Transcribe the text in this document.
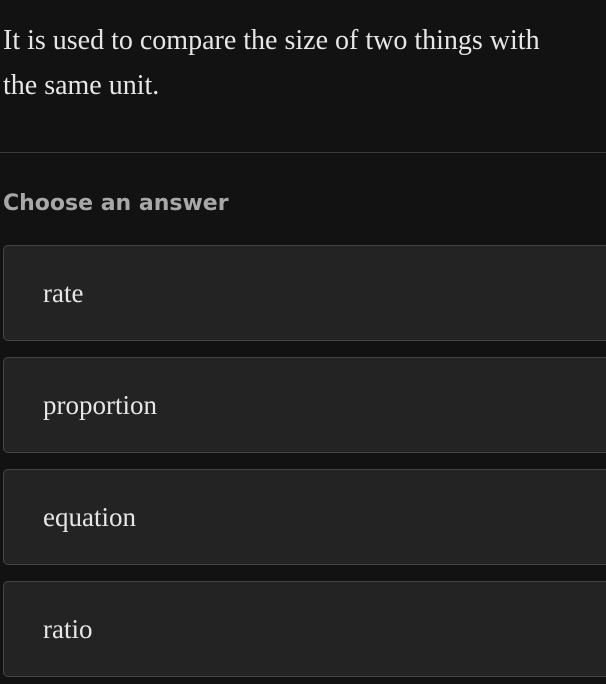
It is used to compare the size of two things with
the same unit.

Choose an answer
rate
proportion
equation
ratio
